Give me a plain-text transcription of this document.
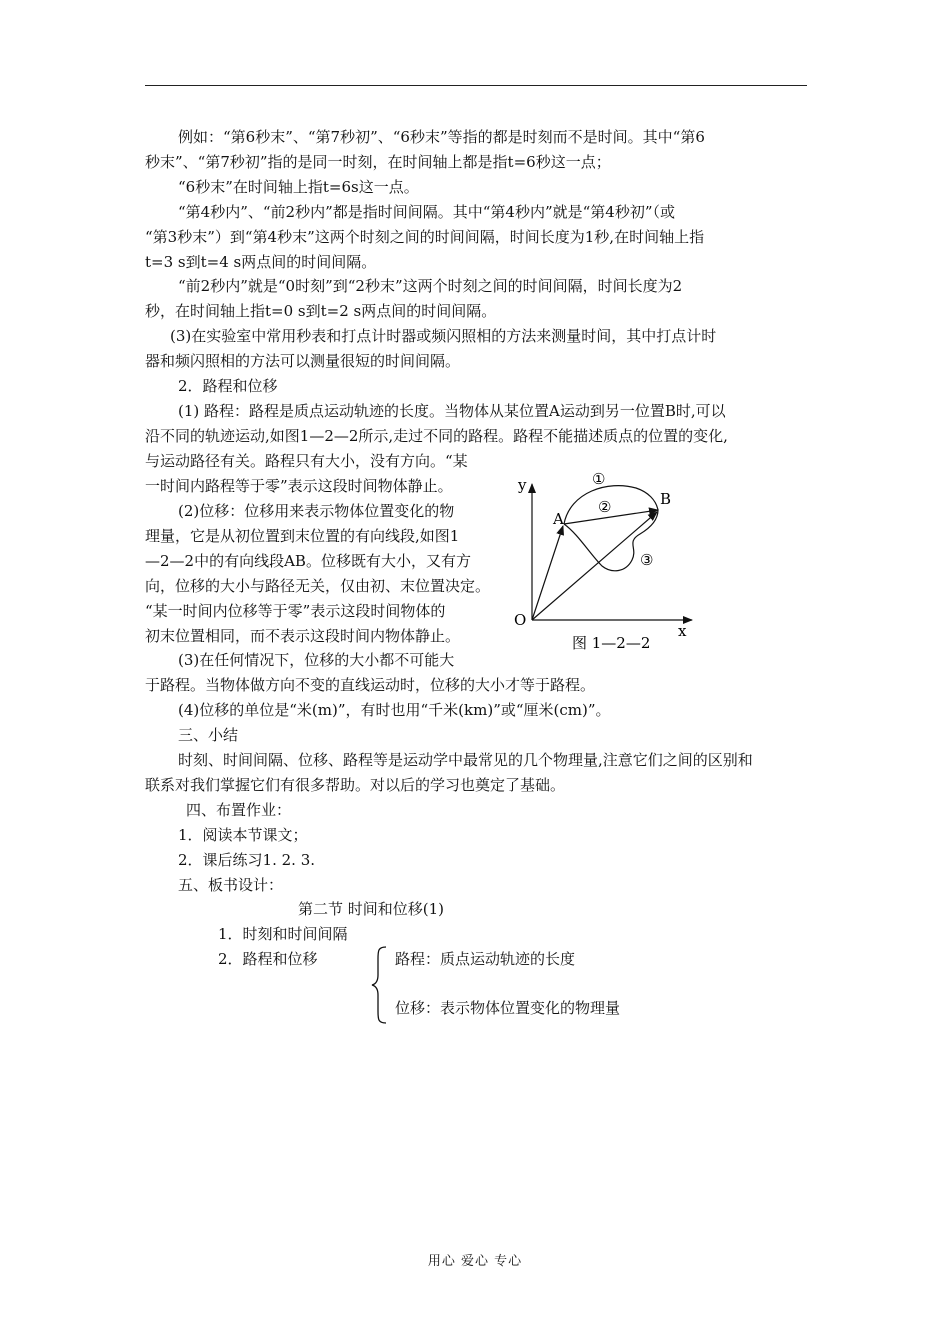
例如：“第6秒末”、“第7秒初”、“6秒末”等指的都是时刻而不是时间。其中“第6
秒末”、“第7秒初”指的是同一时刻，在时间轴上都是指t=6秒这一点；
“6秒末”在时间轴上指t=6s这一点。
“第4秒内”、“前2秒内”都是指时间间隔。其中“第4秒内”就是“第4秒初”（或
“第3秒末”）到“第4秒末”这两个时刻之间的时间间隔，时间长度为1秒,在时间轴上指
t=3 s到t=4 s两点间的时间间隔。
“前2秒内”就是“0时刻”到“2秒末”这两个时刻之间的时间间隔，时间长度为2
秒，在时间轴上指t=0 s到t=2 s两点间的时间间隔。
(3)在实验室中常用秒表和打点计时器或频闪照相的方法来测量时间，其中打点计时
器和频闪照相的方法可以测量很短的时间间隔。
2．路程和位移
(1) 路程：路程是质点运动轨迹的长度。当物体从某位置A运动到另一位置B时,可以
沿不同的轨迹运动,如图1—2—2所示,走过不同的路程。路程不能描述质点的位置的变化,
与运动路径有关。路程只有大小，没有方向。“某
一时间内路程等于零”表示这段时间物体静止。
(2)位移：位移用来表示物体位置变化的物
理量，它是从初位置到末位置的有向线段,如图1
—2—2中的有向线段AB。位移既有大小，又有方
向，位移的大小与路径无关，仅由初、末位置决定。
“某一时间内位移等于零”表示这段时间物体的
初末位置相同，而不表示这段时间内物体静止。
(3)在任何情况下，位移的大小都不可能大
于路程。当物体做方向不变的直线运动时，位移的大小才等于路程。
(4)位移的单位是“米(m)”，有时也用“千米(km)”或“厘米(cm)”。
三、小结
时刻、时间间隔、位移、路程等是运动学中最常见的几个物理量,注意它们之间的区别和
联系对我们掌握它们有很多帮助。对以后的学习也奠定了基础。
四、布置作业：
1．阅读本节课文；
2．课后练习1. 2. 3.
五、板书设计：
y
x
O
A
B
①
②
③
图 1—2—2
第二节 时间和位移(1)
1．时刻和时间间隔
2．路程和位移	路程：质点运动轨迹的长度
位移：表示物体位置变化的物理量
用心 爱心 专心
